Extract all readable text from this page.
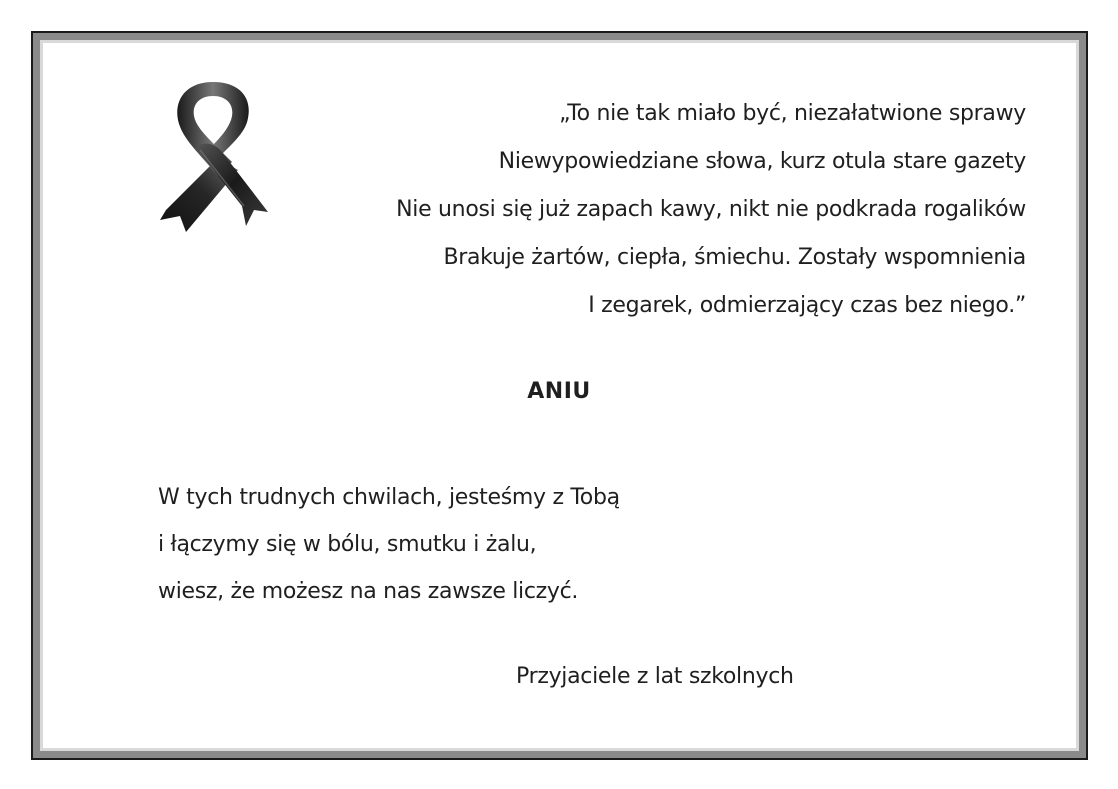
„To nie tak miało być, niezałatwione sprawy
Niewypowiedziane słowa, kurz otula stare gazety
Nie unosi się już zapach kawy, nikt nie podkrada rogalików
Brakuje żartów, ciepła, śmiechu. Zostały wspomnienia
I zegarek, odmierzający czas bez niego.”
ANIU
W tych trudnych chwilach, jesteśmy z Tobą
i łączymy się w bólu, smutku i żalu,
wiesz, że możesz na nas zawsze liczyć.
Przyjaciele z lat szkolnych
